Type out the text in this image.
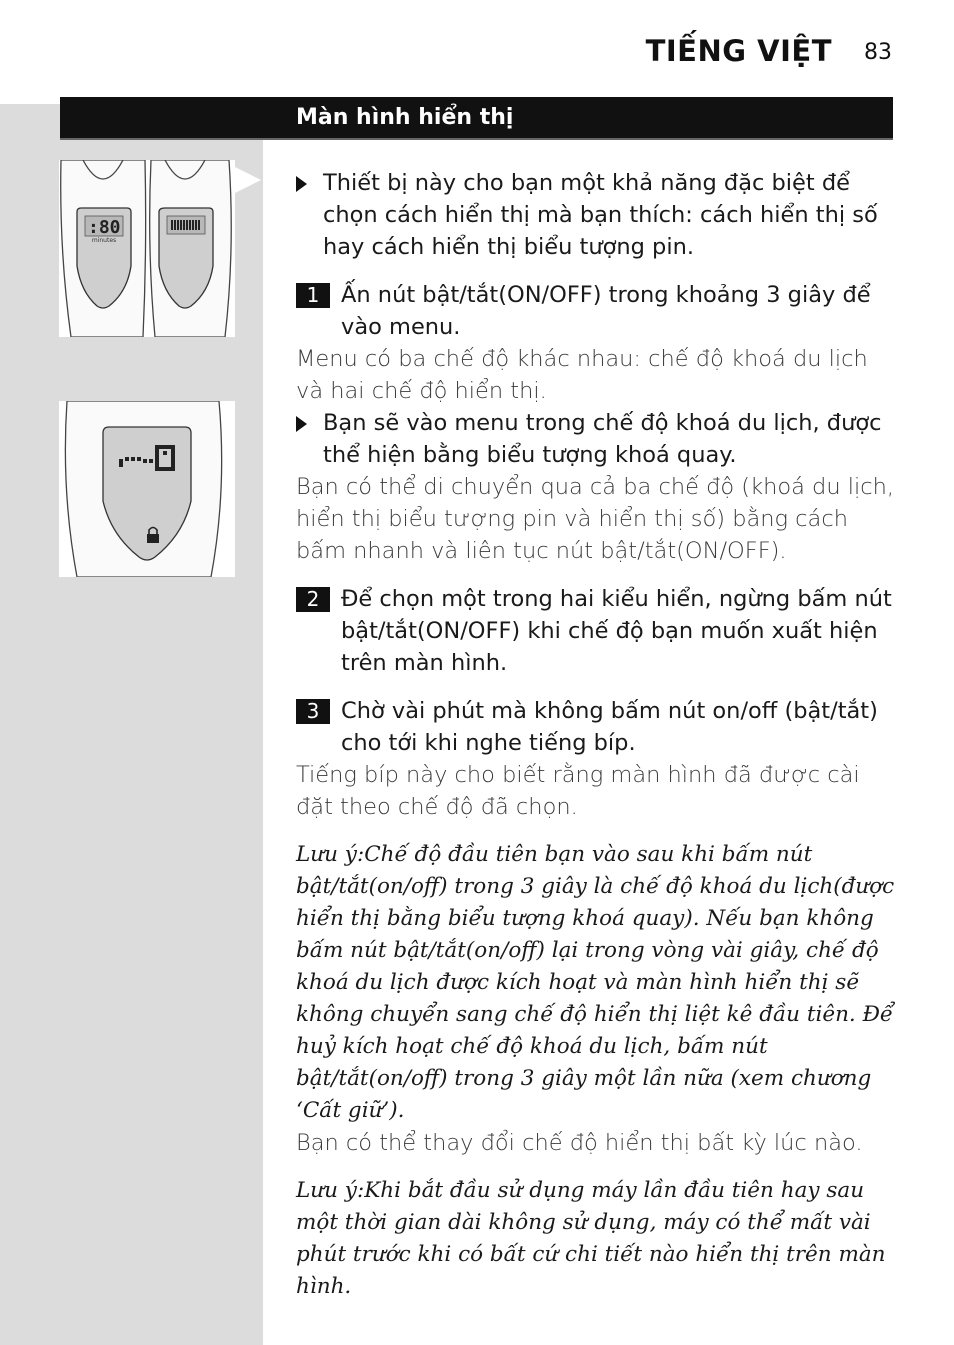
TIẾNG VIỆT 83
Màn hình hiển thị
:80
minutes

Thiết bị này cho bạn một khả năng đặc biệt để chọn cách hiển thị mà bạn thích: cách hiển thị số hay cách hiển thị biểu tượng pin.

1 Ấn nút bật/tắt(ON/OFF) trong khoảng 3 giây để vào menu.

Menu có ba chế độ khác nhau: chế độ khoá du lịch và hai chế độ hiển thị.

Bạn sẽ vào menu trong chế độ khoá du lịch, được thể hiện bằng biểu tượng khoá quay.

Bạn có thể di chuyển qua cả ba chế độ (khoá du lịch, hiển thị biểu tượng pin và hiển thị số) bằng cách bấm nhanh và liên tục nút bật/tắt(ON/OFF).

2 Để chọn một trong hai kiểu hiển, ngừng bấm nút bật/tắt(ON/OFF) khi chế độ bạn muốn xuất hiện trên màn hình.

3 Chờ vài phút mà không bấm nút on/off (bật/tắt) cho tới khi nghe tiếng bíp.

Tiếng bíp này cho biết rằng màn hình đã được cài đặt theo chế độ đã chọn.

Lưu ý:Chế độ đầu tiên bạn vào sau khi bấm nút bật/tắt(on/off) trong 3 giây là chế độ khoá du lịch(được hiển thị bằng biểu tượng khoá quay). Nếu bạn không bấm nút bật/tắt(on/off) lại trong vòng vài giây, chế độ khoá du lịch được kích hoạt và màn hình hiển thị sẽ không chuyển sang chế độ hiển thị liệt kê đầu tiên. Để huỷ kích hoạt chế độ khoá du lịch, bấm nút bật/tắt(on/off) trong 3 giây một lần nữa (xem chương ‘Cất giữ’).

Bạn có thể thay đổi chế độ hiển thị bất kỳ lúc nào.

Lưu ý:Khi bắt đầu sử dụng máy lần đầu tiên hay sau một thời gian dài không sử dụng, máy có thể mất vài phút trước khi có bất cứ chi tiết nào hiển thị trên màn hình.
